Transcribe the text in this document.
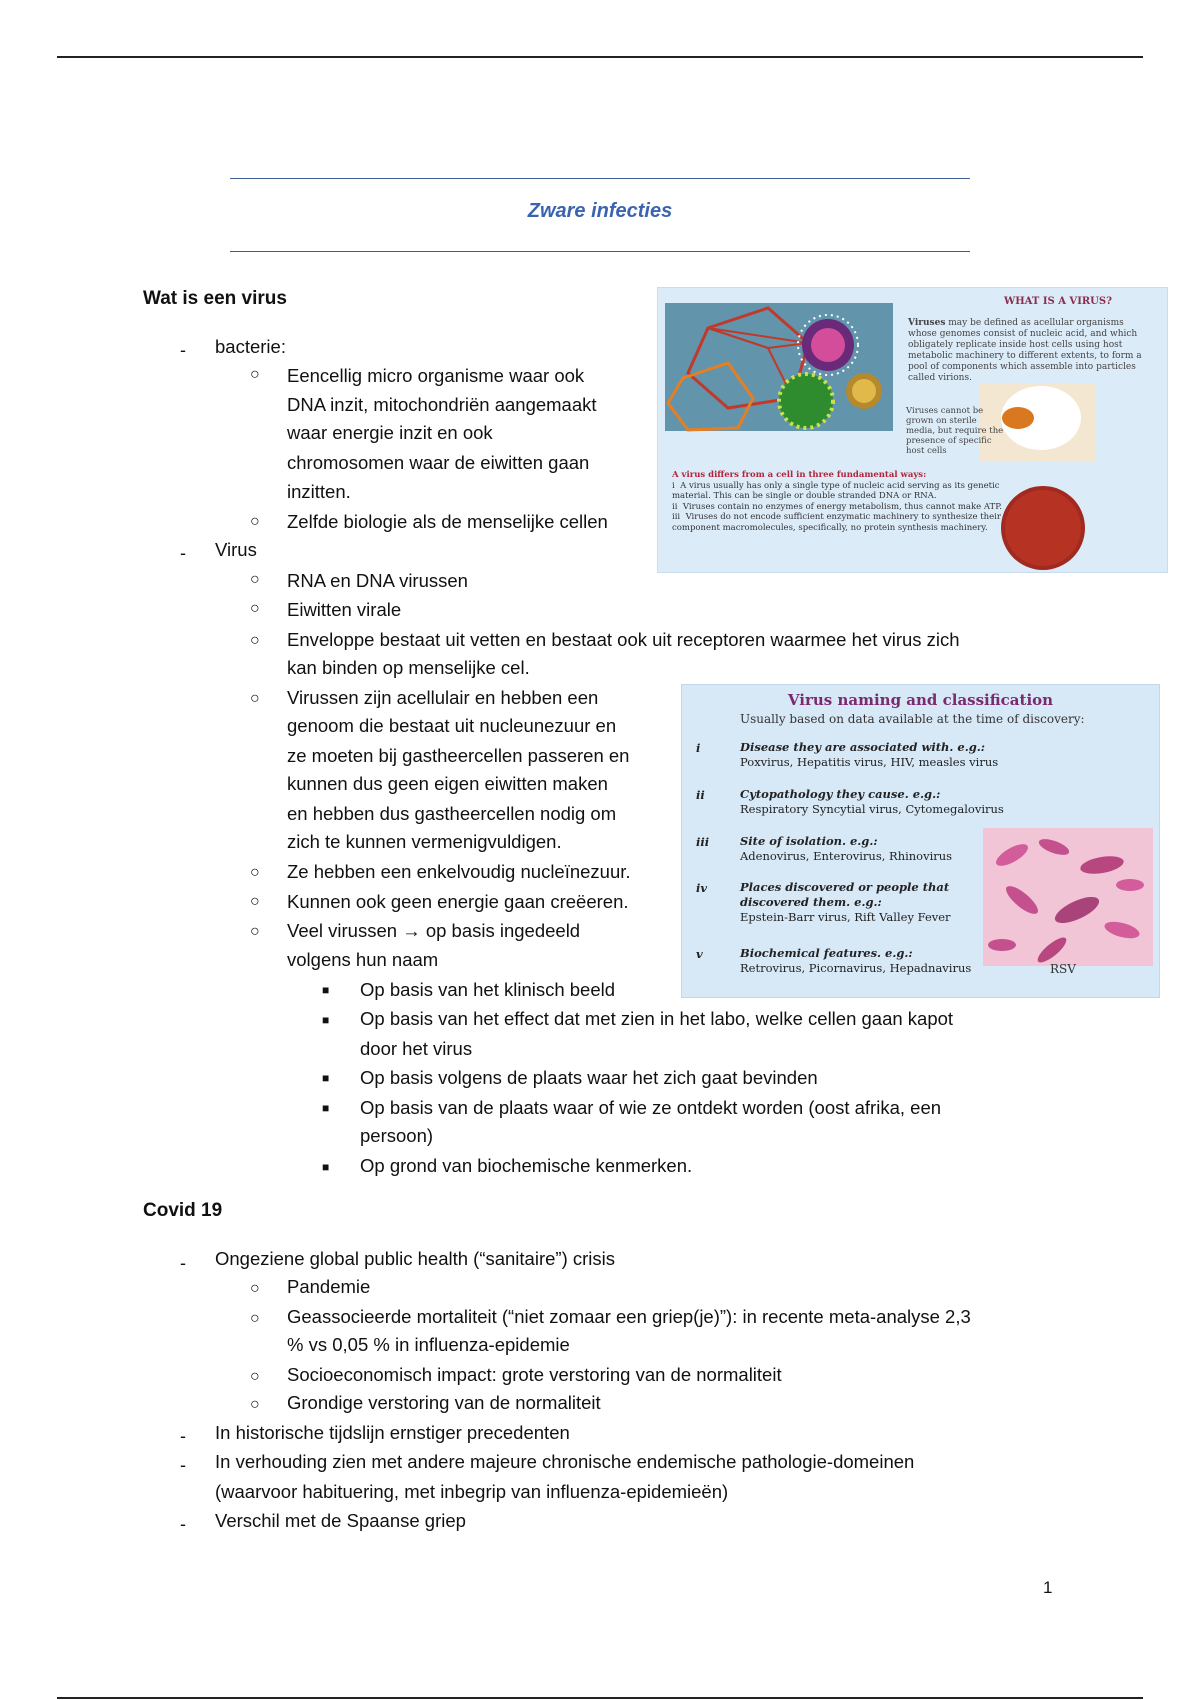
Zware infecties
Wat is een virus
- bacterie:
○ Eencellig micro organisme waar ook
DNA inzit, mitochondriën aangemaakt
waar energie inzit en ook
chromosomen waar de eiwitten gaan
inzitten.
○ Zelfde biologie als de menselijke cellen
- Virus
○ RNA en DNA virussen
○ Eiwitten virale
○ Enveloppe bestaat uit vetten en bestaat ook uit receptoren waarmee het virus zich
kan binden op menselijke cel.
○ Virussen zijn acellulair en hebben een
genoom die bestaat uit nucleunezuur en
ze moeten bij gastheercellen passeren en
kunnen dus geen eigen eiwitten maken
en hebben dus gastheercellen nodig om
zich te kunnen vermenigvuldigen.
○ Ze hebben een enkelvoudig nucleïnezuur.
○ Kunnen ook geen energie gaan creëeren.
○ Veel virussen → op basis ingedeeld
volgens hun naam
■ Op basis van het klinisch beeld
■ Op basis van het effect dat met zien in het labo, welke cellen gaan kapot
door het virus
■ Op basis volgens de plaats waar het zich gaat bevinden
■ Op basis van de plaats waar of wie ze ontdekt worden (oost afrika, een
persoon)
■ Op grond van biochemische kenmerken.
Covid 19
- Ongeziene global public health (“sanitaire”) crisis
○ Pandemie
○ Geassocieerde mortaliteit (“niet zomaar een griep(je)”): in recente meta-analyse 2,3
% vs 0,05 % in influenza-epidemie
○ Socioeconomisch impact: grote verstoring van de normaliteit
○ Grondige verstoring van de normaliteit
- In historische tijdslijn ernstiger precedenten
- In verhouding zien met andere majeure chronische endemische pathologie-domeinen
(waarvoor habituering, met inbegrip van influenza-epidemieën)
- Verschil met de Spaanse griep
WHAT IS A VIRUS?
Viruses may be defined as acellular organisms whose genomes consist of nucleic acid, and which obligately replicate inside host cells using host metabolic machinery to different extents, to form a pool of components which assemble into particles called virions.
Viruses cannot be grown on sterile media, but require the presence of specific host cells
A virus differs from a cell in three fundamental ways:
i  A virus usually has only a single type of nucleic acid serving as its genetic material. This can be single or double stranded DNA or RNA.
ii  Viruses contain no enzymes of energy metabolism, thus cannot make ATP.
iii  Viruses do not encode sufficient enzymatic machinery to synthesize their component macromolecules, specifically, no protein synthesis machinery.
Virus naming and classification
Usually based on data available at the time of discovery:
i	Disease they are associated with. e.g.:
Poxvirus, Hepatitis virus, HIV, measles virus
ii	Cytopathology they cause. e.g.:
Respiratory Syncytial virus, Cytomegalovirus
iii	Site of isolation. e.g.:
Adenovirus, Enterovirus, Rhinovirus
iv	Places discovered or people that discovered them. e.g.:
Epstein-Barr virus, Rift Valley Fever
v	Biochemical features. e.g.:
Retrovirus, Picornavirus, Hepadnavirus	RSV
1
